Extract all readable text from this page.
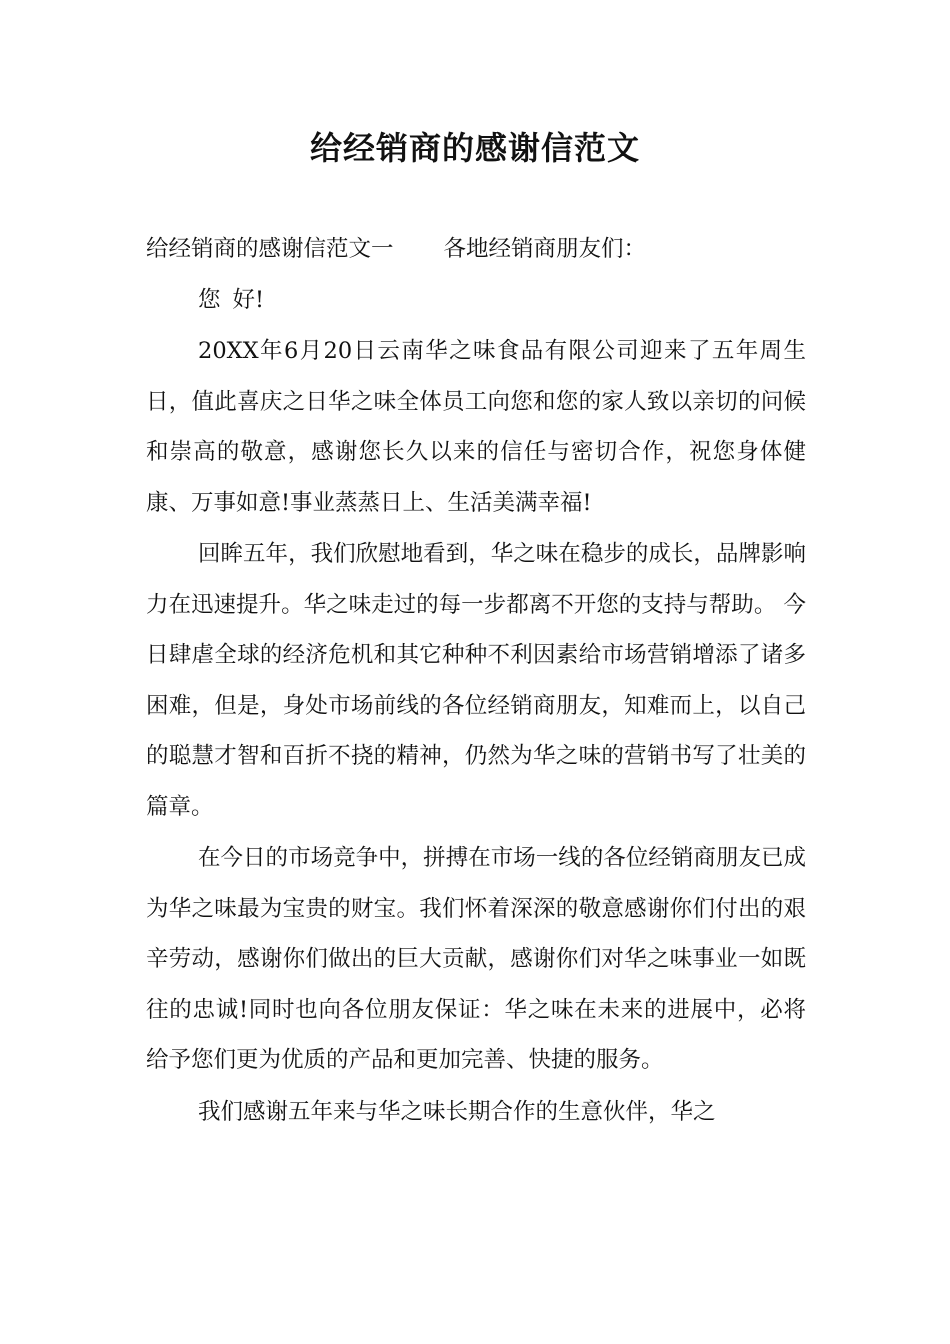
给经销商的感谢信范文

给经销商的感谢信范文一 各地经销商朋友们：

您 好!

20XX年6月20日云南华之味食品有限公司迎来了五年周生日，值此喜庆之日华之味全体员工向您和您的家人致以亲切的问候和崇高的敬意，感谢您长久以来的信任与密切合作，祝您身体健康、万事如意!事业蒸蒸日上、生活美满幸福!

回眸五年，我们欣慰地看到，华之味在稳步的成长，品牌影响力在迅速提升。华之味走过的每一步都离不开您的支持与帮助。 今日肆虐全球的经济危机和其它种种不利因素给市场营销增添了诸多困难，但是，身处市场前线的各位经销商朋友，知难而上，以自己的聪慧才智和百折不挠的精神，仍然为华之味的营销书写了壮美的篇章。

在今日的市场竞争中，拼搏在市场一线的各位经销商朋友已成为华之味最为宝贵的财宝。我们怀着深深的敬意感谢你们付出的艰辛劳动，感谢你们做出的巨大贡献，感谢你们对华之味事业一如既往的忠诚!同时也向各位朋友保证：华之味在未来的进展中，必将给予您们更为优质的产品和更加完善、快捷的服务。

我们感谢五年来与华之味长期合作的生意伙伴，华之
